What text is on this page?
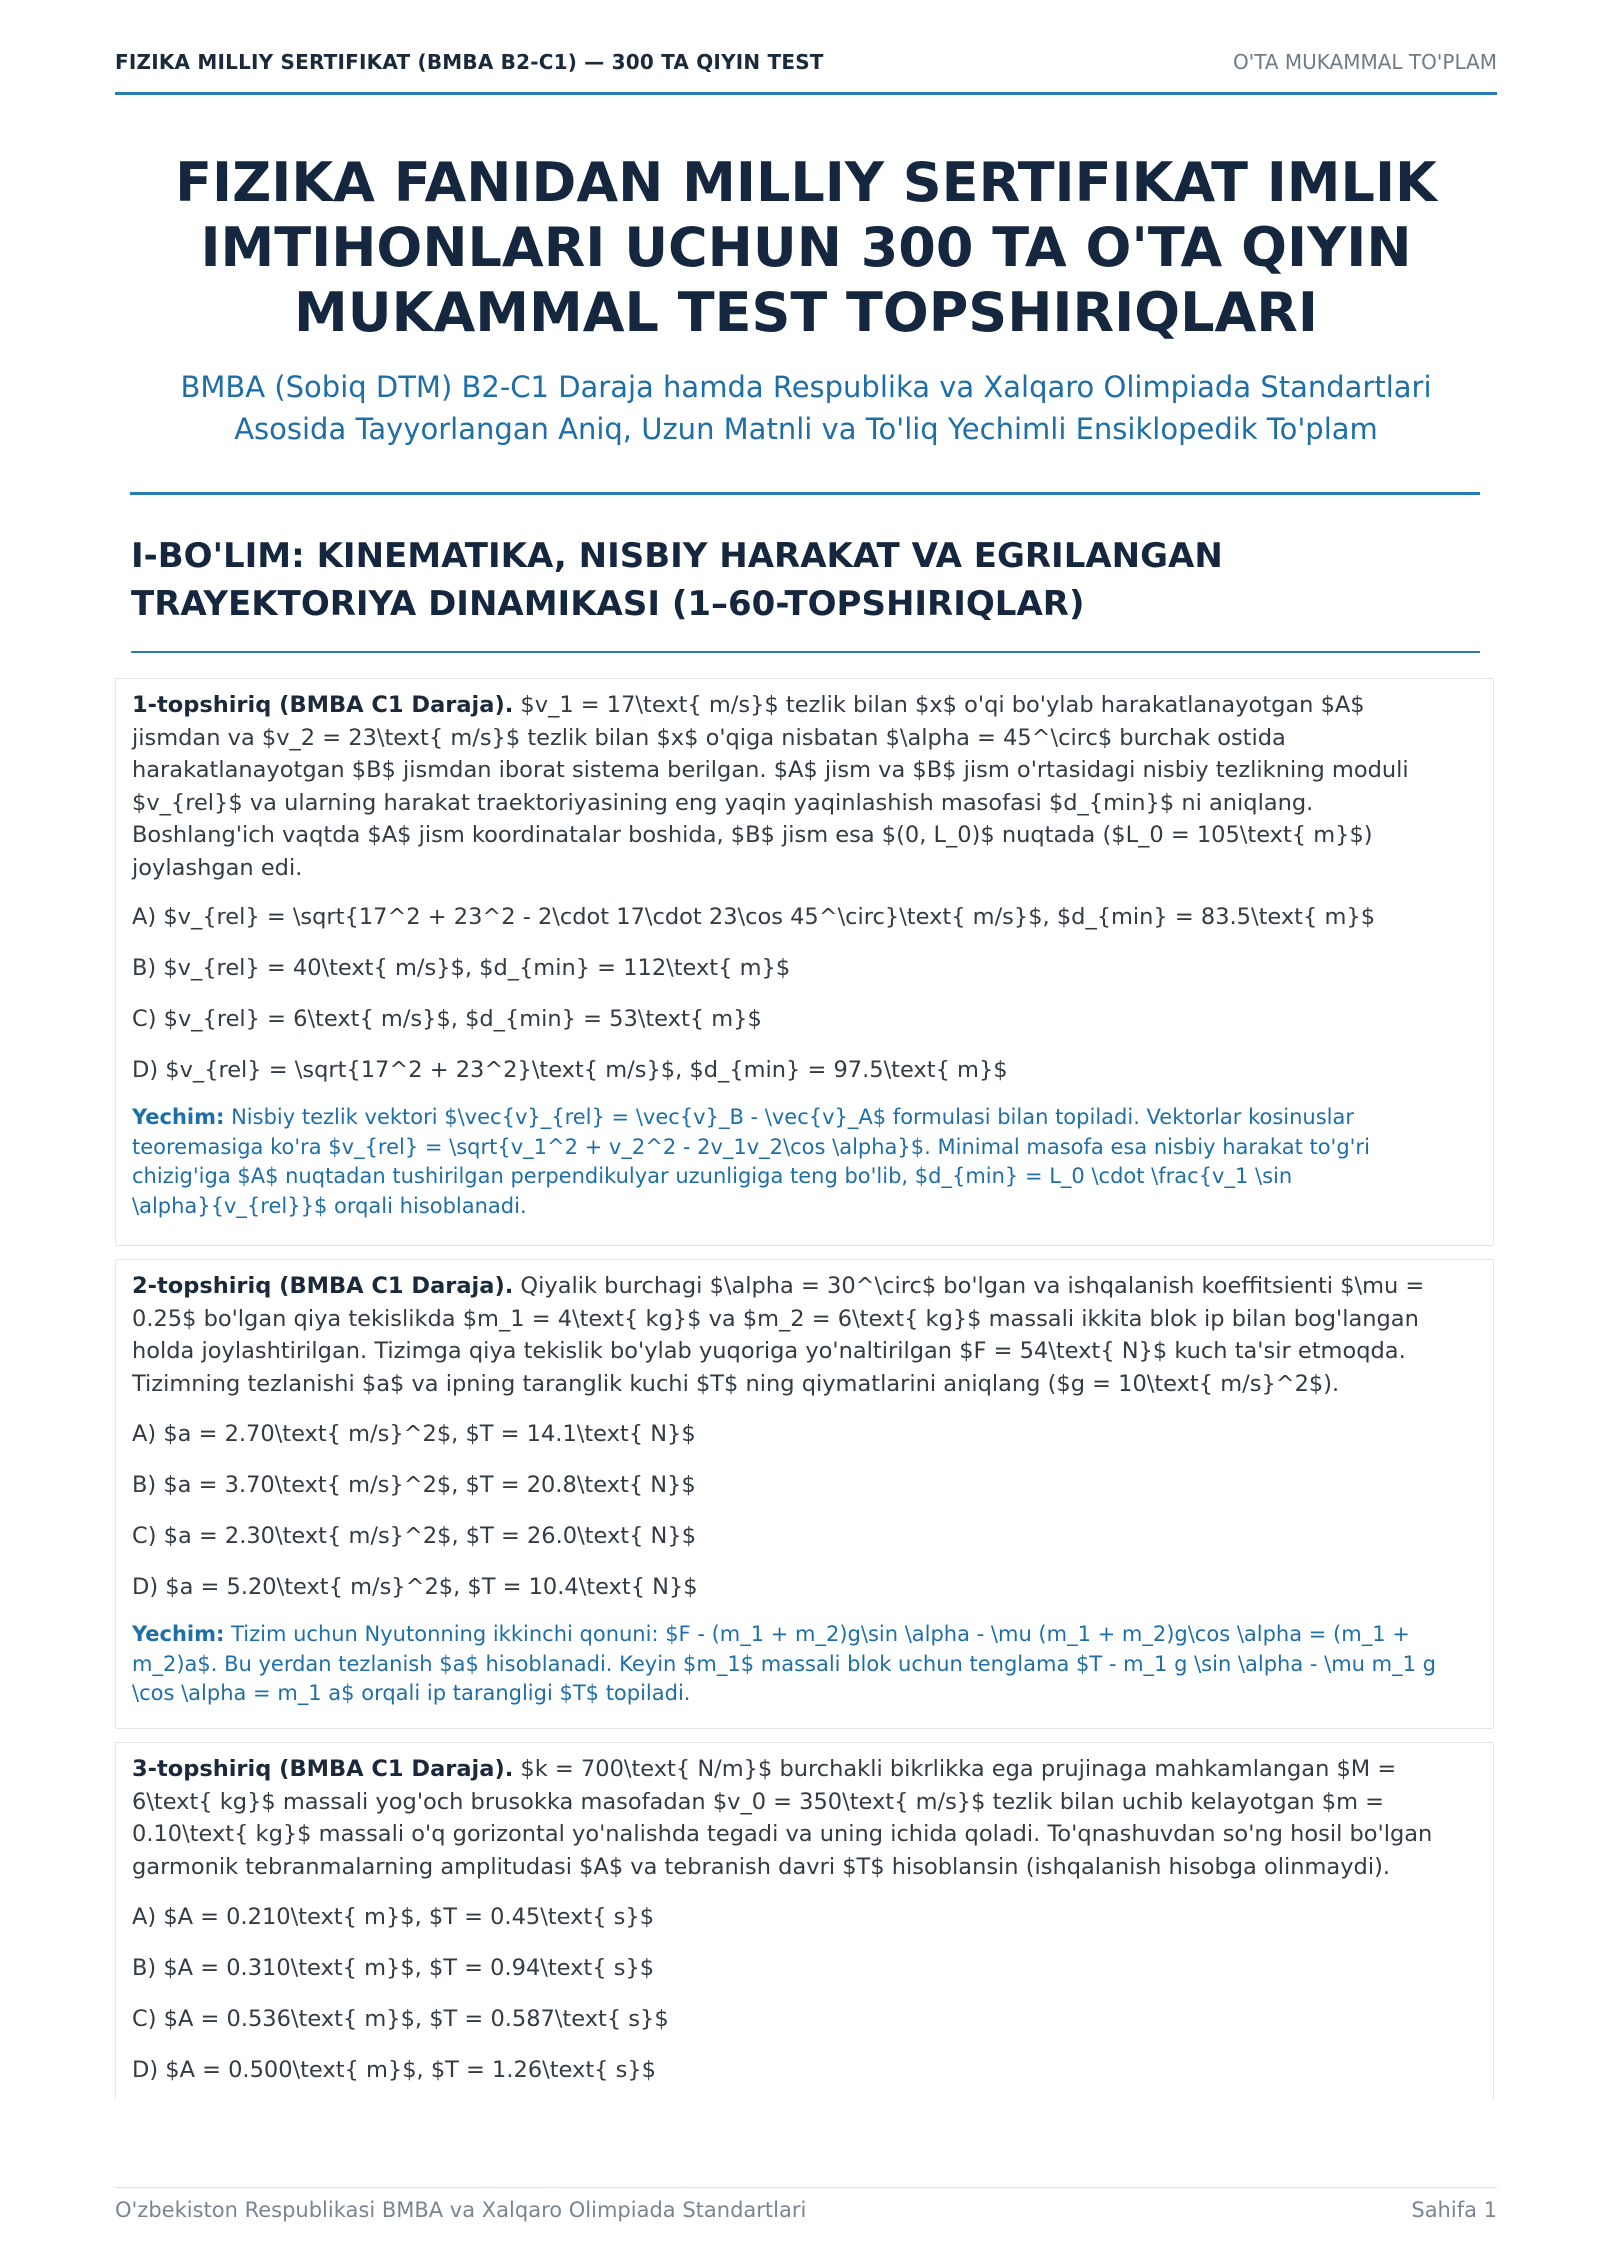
FIZIKA MILLIY SERTIFIKAT (BMBA B2-C1) — 300 TA QIYIN TEST	O'TA MUKAMMAL TO'PLAM
FIZIKA FANIDAN MILLIY SERTIFIKAT IMLIK
IMTIHONLARI UCHUN 300 TA O'TA QIYIN
MUKAMMAL TEST TOPSHIRIQLARI

BMBA (Sobiq DTM) B2-C1 Daraja hamda Respublika va Xalqaro Olimpiada Standartlari
Asosida Tayyorlangan Aniq, Uzun Matnli va To'liq Yechimli Ensiklopedik To'plam

I-BO'LIM: KINEMATIKA, NISBIY HARAKAT VA EGRILANGAN
TRAYEKTORIYA DINAMIKASI (1–60-TOPSHIRIQLAR)

1-topshiriq (BMBA C1 Daraja). $v_1 = 17\text{ m/s}$ tezlik bilan $x$ o'qi bo'ylab harakatlanayotgan $A$
jismdan va $v_2 = 23\text{ m/s}$ tezlik bilan $x$ o'qiga nisbatan $\alpha = 45^\circ$ burchak ostida
harakatlanayotgan $B$ jismdan iborat sistema berilgan. $A$ jism va $B$ jism o'rtasidagi nisbiy tezlikning moduli
$v_{rel}$ va ularning harakat traektoriyasining eng yaqin yaqinlashish masofasi $d_{min}$ ni aniqlang.
Boshlang'ich vaqtda $A$ jism koordinatalar boshida, $B$ jism esa $(0, L_0)$ nuqtada ($L_0 = 105\text{ m}$)
joylashgan edi.

A) $v_{rel} = \sqrt{17^2 + 23^2 - 2\cdot 17\cdot 23\cos 45^\circ}\text{ m/s}$, $d_{min} = 83.5\text{ m}$

B) $v_{rel} = 40\text{ m/s}$, $d_{min} = 112\text{ m}$

C) $v_{rel} = 6\text{ m/s}$, $d_{min} = 53\text{ m}$

D) $v_{rel} = \sqrt{17^2 + 23^2}\text{ m/s}$, $d_{min} = 97.5\text{ m}$

Yechim: Nisbiy tezlik vektori $\vec{v}_{rel} = \vec{v}_B - \vec{v}_A$ formulasi bilan topiladi. Vektorlar kosinuslar
teoremasiga ko'ra $v_{rel} = \sqrt{v_1^2 + v_2^2 - 2v_1v_2\cos \alpha}$. Minimal masofa esa nisbiy harakat to'g'ri
chizig'iga $A$ nuqtadan tushirilgan perpendikulyar uzunligiga teng bo'lib, $d_{min} = L_0 \cdot \frac{v_1 \sin
\alpha}{v_{rel}}$ orqali hisoblanadi.

2-topshiriq (BMBA C1 Daraja). Qiyalik burchagi $\alpha = 30^\circ$ bo'lgan va ishqalanish koeffitsienti $\mu =
0.25$ bo'lgan qiya tekislikda $m_1 = 4\text{ kg}$ va $m_2 = 6\text{ kg}$ massali ikkita blok ip bilan bog'langan
holda joylashtirilgan. Tizimga qiya tekislik bo'ylab yuqoriga yo'naltirilgan $F = 54\text{ N}$ kuch ta'sir etmoqda.
Tizimning tezlanishi $a$ va ipning taranglik kuchi $T$ ning qiymatlarini aniqlang ($g = 10\text{ m/s}^2$).

A) $a = 2.70\text{ m/s}^2$, $T = 14.1\text{ N}$

B) $a = 3.70\text{ m/s}^2$, $T = 20.8\text{ N}$

C) $a = 2.30\text{ m/s}^2$, $T = 26.0\text{ N}$

D) $a = 5.20\text{ m/s}^2$, $T = 10.4\text{ N}$

Yechim: Tizim uchun Nyutonning ikkinchi qonuni: $F - (m_1 + m_2)g\sin \alpha - \mu (m_1 + m_2)g\cos \alpha = (m_1 +
m_2)a$. Bu yerdan tezlanish $a$ hisoblanadi. Keyin $m_1$ massali blok uchun tenglama $T - m_1 g \sin \alpha - \mu m_1 g
\cos \alpha = m_1 a$ orqali ip tarangligi $T$ topiladi.

3-topshiriq (BMBA C1 Daraja). $k = 700\text{ N/m}$ burchakli bikrlikka ega prujinaga mahkamlangan $M =
6\text{ kg}$ massali yog'och brusokka masofadan $v_0 = 350\text{ m/s}$ tezlik bilan uchib kelayotgan $m =
0.10\text{ kg}$ massali o'q gorizontal yo'nalishda tegadi va uning ichida qoladi. To'qnashuvdan so'ng hosil bo'lgan
garmonik tebranmalarning amplitudasi $A$ va tebranish davri $T$ hisoblansin (ishqalanish hisobga olinmaydi).

A) $A = 0.210\text{ m}$, $T = 0.45\text{ s}$

B) $A = 0.310\text{ m}$, $T = 0.94\text{ s}$

C) $A = 0.536\text{ m}$, $T = 0.587\text{ s}$

D) $A = 0.500\text{ m}$, $T = 1.26\text{ s}$

O'zbekiston Respublikasi BMBA va Xalqaro Olimpiada Standartlari	Sahifa 1
